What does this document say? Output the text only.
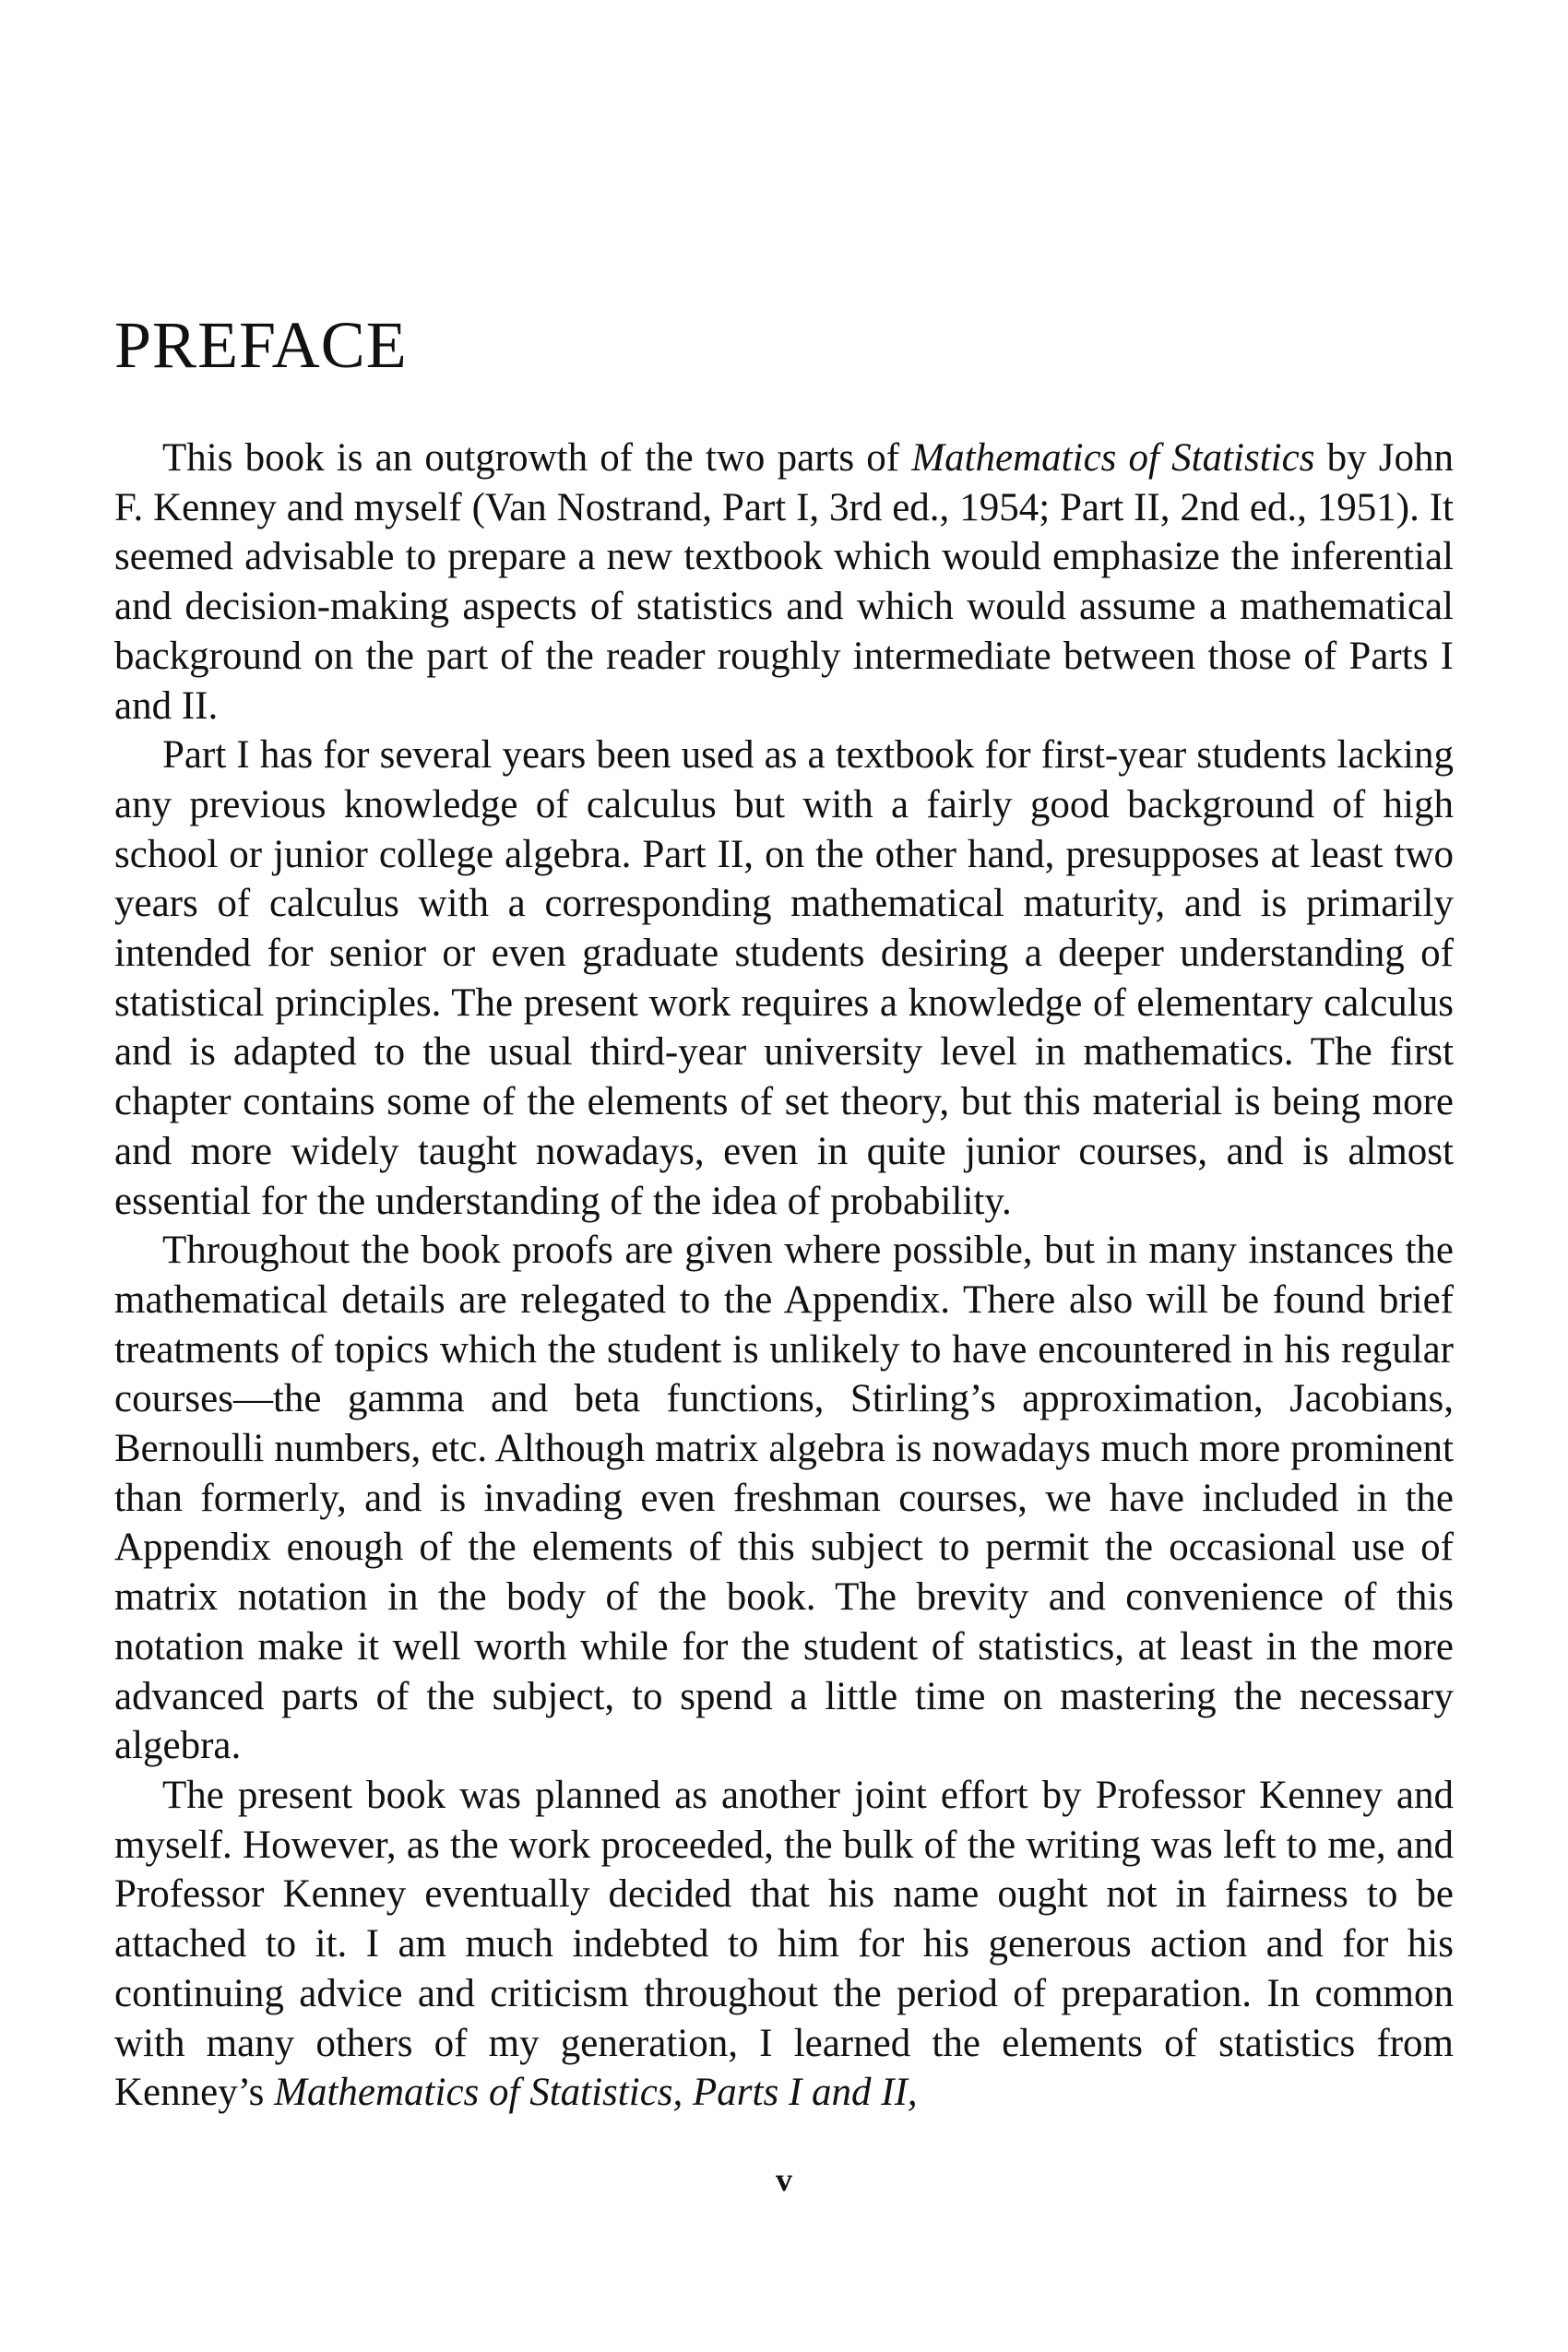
PREFACE

This book is an outgrowth of the two parts of Mathematics of Statistics by John F. Kenney and myself (Van Nostrand, Part I, 3rd ed., 1954; Part II, 2nd ed., 1951). It seemed advisable to prepare a new textbook which would emphasize the inferential and decision-making aspects of statistics and which would assume a mathematical background on the part of the reader roughly intermediate between those of Parts I and II.

Part I has for several years been used as a textbook for first-year students lacking any previous knowledge of calculus but with a fairly good background of high school or junior college algebra. Part II, on the other hand, presupposes at least two years of calculus with a corresponding mathematical maturity, and is primarily intended for senior or even graduate students desiring a deeper understanding of statistical principles. The present work requires a knowledge of elementary calculus and is adapted to the usual third-year university level in mathematics. The first chapter contains some of the elements of set theory, but this material is being more and more widely taught nowadays, even in quite junior courses, and is almost essential for the understanding of the idea of probability.

Throughout the book proofs are given where possible, but in many instances the mathematical details are relegated to the Appendix. There also will be found brief treatments of topics which the student is unlikely to have encountered in his regular courses—the gamma and beta functions, Stirling’s approximation, Jacobians, Bernoulli numbers, etc. Although matrix algebra is nowadays much more prominent than formerly, and is invading even freshman courses, we have included in the Appendix enough of the elements of this subject to permit the occasional use of matrix notation in the body of the book. The brevity and convenience of this notation make it well worth while for the student of statistics, at least in the more advanced parts of the subject, to spend a little time on mastering the necessary algebra.

The present book was planned as another joint effort by Professor Kenney and myself. However, as the work proceeded, the bulk of the writing was left to me, and Professor Kenney eventually decided that his name ought not in fairness to be attached to it. I am much indebted to him for his generous action and for his continuing advice and criticism throughout the period of preparation. In common with many others of my generation, I learned the elements of statistics from Kenney’s Mathematics of Statistics, Parts I and II,

v
